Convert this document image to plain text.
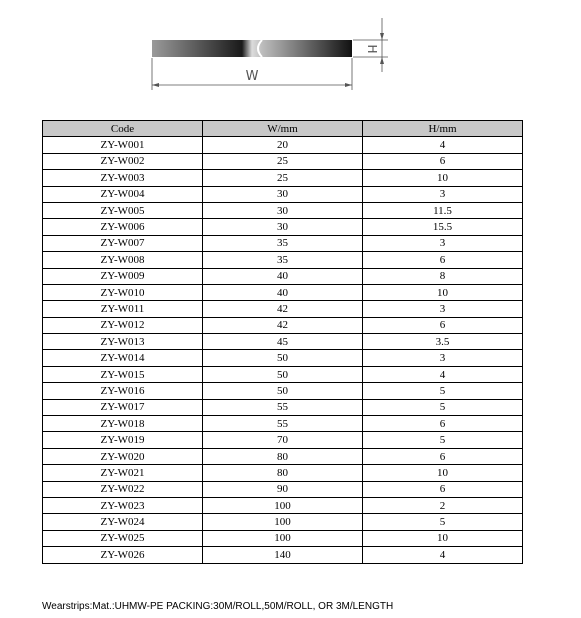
W
H
Code	W/mm	H/mm
ZY-W001	20	4
ZY-W002	25	6
ZY-W003	25	10
ZY-W004	30	3
ZY-W005	30	11.5
ZY-W006	30	15.5
ZY-W007	35	3
ZY-W008	35	6
ZY-W009	40	8
ZY-W010	40	10
ZY-W011	42	3
ZY-W012	42	6
ZY-W013	45	3.5
ZY-W014	50	3
ZY-W015	50	4
ZY-W016	50	5
ZY-W017	55	5
ZY-W018	55	6
ZY-W019	70	5
ZY-W020	80	6
ZY-W021	80	10
ZY-W022	90	6
ZY-W023	100	2
ZY-W024	100	5
ZY-W025	100	10
ZY-W026	140	4
Wearstrips:Mat.:UHMW-PE PACKING:30M/ROLL,50M/ROLL, OR 3M/LENGTH
